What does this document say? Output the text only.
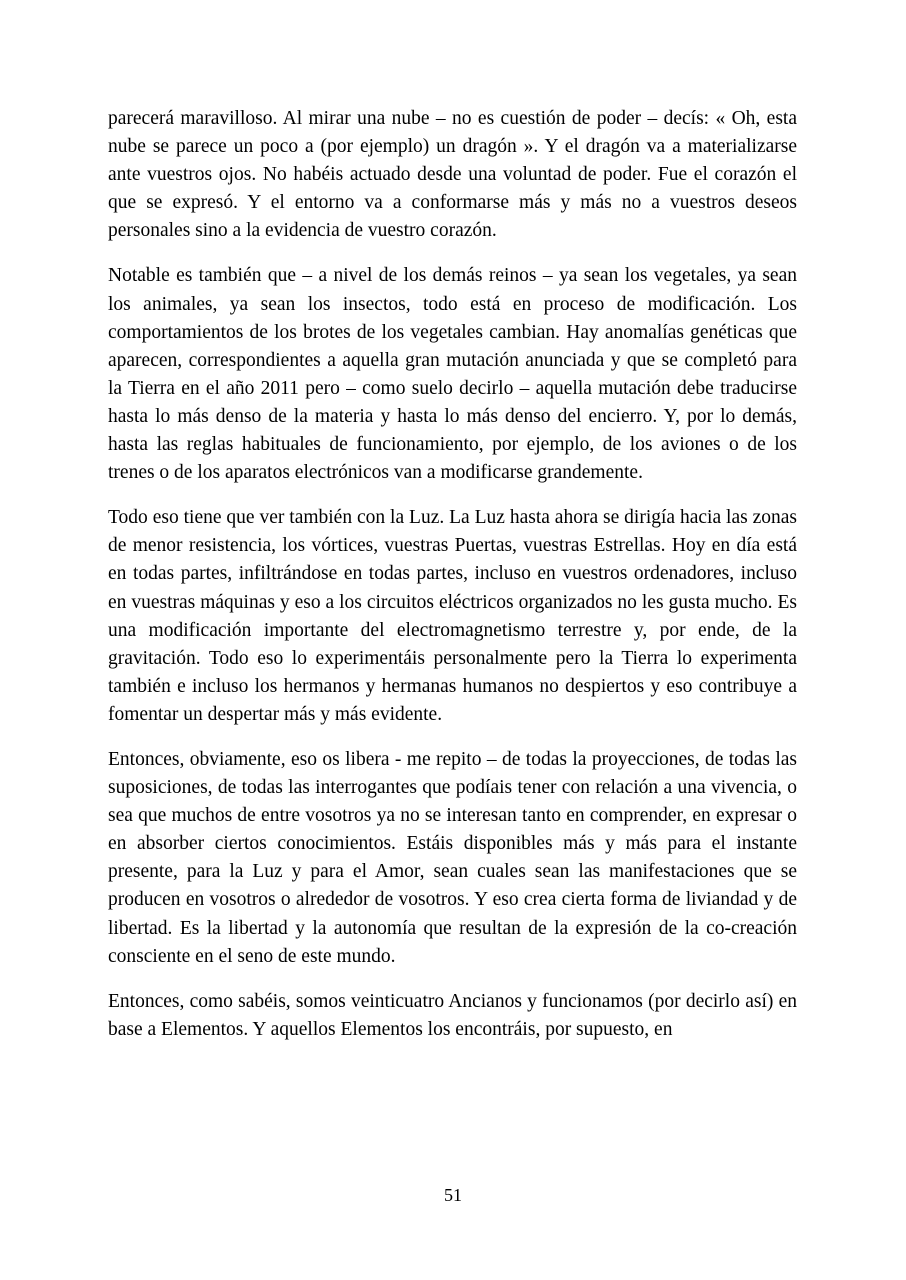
parecerá maravilloso. Al mirar una nube – no es cuestión de poder – decís: « Oh, esta nube se parece un poco a (por ejemplo) un dragón ». Y el dragón va a materializarse ante vuestros ojos. No habéis actuado desde una voluntad de poder. Fue el corazón el que se expresó. Y el entorno va a conformarse más y más no a vuestros deseos personales sino a la evidencia de vuestro corazón.

Notable es también que – a nivel de los demás reinos – ya sean los vegetales, ya sean los animales, ya sean los insectos, todo está en proceso de modificación. Los comportamientos de los brotes de los vegetales cambian. Hay anomalías genéticas que aparecen, correspondientes a aquella gran mutación anunciada y que se completó para la Tierra en el año 2011 pero – como suelo decirlo – aquella mutación debe traducirse hasta lo más denso de la materia y hasta lo más denso del encierro. Y, por lo demás, hasta las reglas habituales de funcionamiento, por ejemplo, de los aviones o de los trenes o de los aparatos electrónicos van a modificarse grandemente.

Todo eso tiene que ver también con la Luz. La Luz hasta ahora se dirigía hacia las zonas de menor resistencia, los vórtices, vuestras Puertas, vuestras Estrellas. Hoy en día está en todas partes, infiltrándose en todas partes, incluso en vuestros ordenadores, incluso en vuestras máquinas y eso a los circuitos eléctricos organizados no les gusta mucho. Es una modificación importante del electromagnetismo terrestre y, por ende, de la gravitación. Todo eso lo experimentáis personalmente pero la Tierra lo experimenta también e incluso los hermanos y hermanas humanos no despiertos y eso contribuye a fomentar un despertar más y más evidente.

Entonces, obviamente, eso os libera - me repito – de todas la proyecciones, de todas las suposiciones, de todas las interrogantes que podíais tener con relación a una vivencia, o sea que muchos de entre vosotros ya no se interesan tanto en comprender, en expresar o en absorber ciertos conocimientos. Estáis disponibles más y más para el instante presente, para la Luz y para el Amor, sean cuales sean las manifestaciones que se producen en vosotros o alrededor de vosotros. Y eso crea cierta forma de liviandad y de libertad. Es la libertad y la autonomía que resultan de la expresión de la co-creación consciente en el seno de este mundo.

Entonces, como sabéis, somos veinticuatro Ancianos y funcionamos (por decirlo así) en base a Elementos. Y aquellos Elementos los encontráis, por supuesto, en

51
